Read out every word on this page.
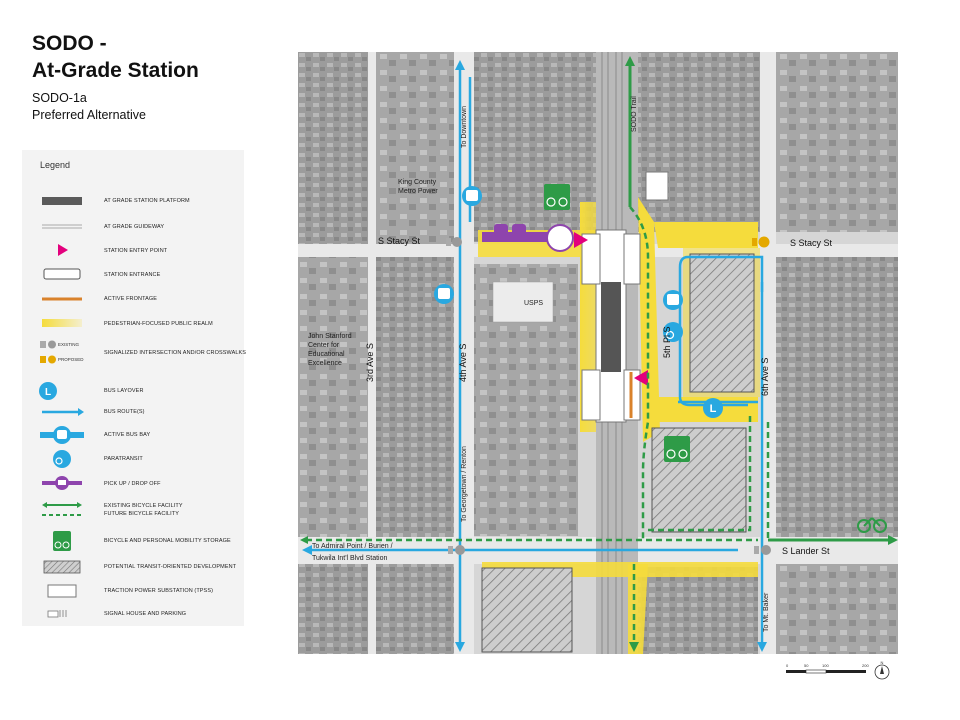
SODO -
At-Grade Station
SODO-1a
Preferred Alternative
Legend
AT GRADE STATION PLATFORM
AT GRADE GUIDEWAY
STATION ENTRY POINT
STATION ENTRANCE
ACTIVE FRONTAGE
PEDESTRIAN-FOCUSED PUBLIC REALM
EXISTING
PROPOSED
SIGNALIZED INTERSECTION AND/OR CROSSWALKS
L	BUS LAYOVER
BUS ROUTE(S)
ACTIVE BUS BAY
PARATRANSIT
PICK UP / DROP OFF
EXISTING BICYCLE FACILITY
FUTURE BICYCLE FACILITY
BICYCLE AND PERSONAL MOBILITY STORAGE
POTENTIAL TRANSIT-ORIENTED DEVELOPMENT
TRACTION POWER SUBSTATION (TPSS)
SIGNAL HOUSE AND PARKING
L
S Stacy St	S Stacy St
S Lander St
3rd Ave S	4th Ave S
5th Pl S
6th Ave S
To Downtown	SODO Trail
King County
Metro Power
USPS
John Stanford
Center for
Educational
Excellence
To Georgetown / Renton
To Admiral Point / Burien /
Tukwila Int'l Blvd Station
To Mt. Baker
0	50	100	200
N
